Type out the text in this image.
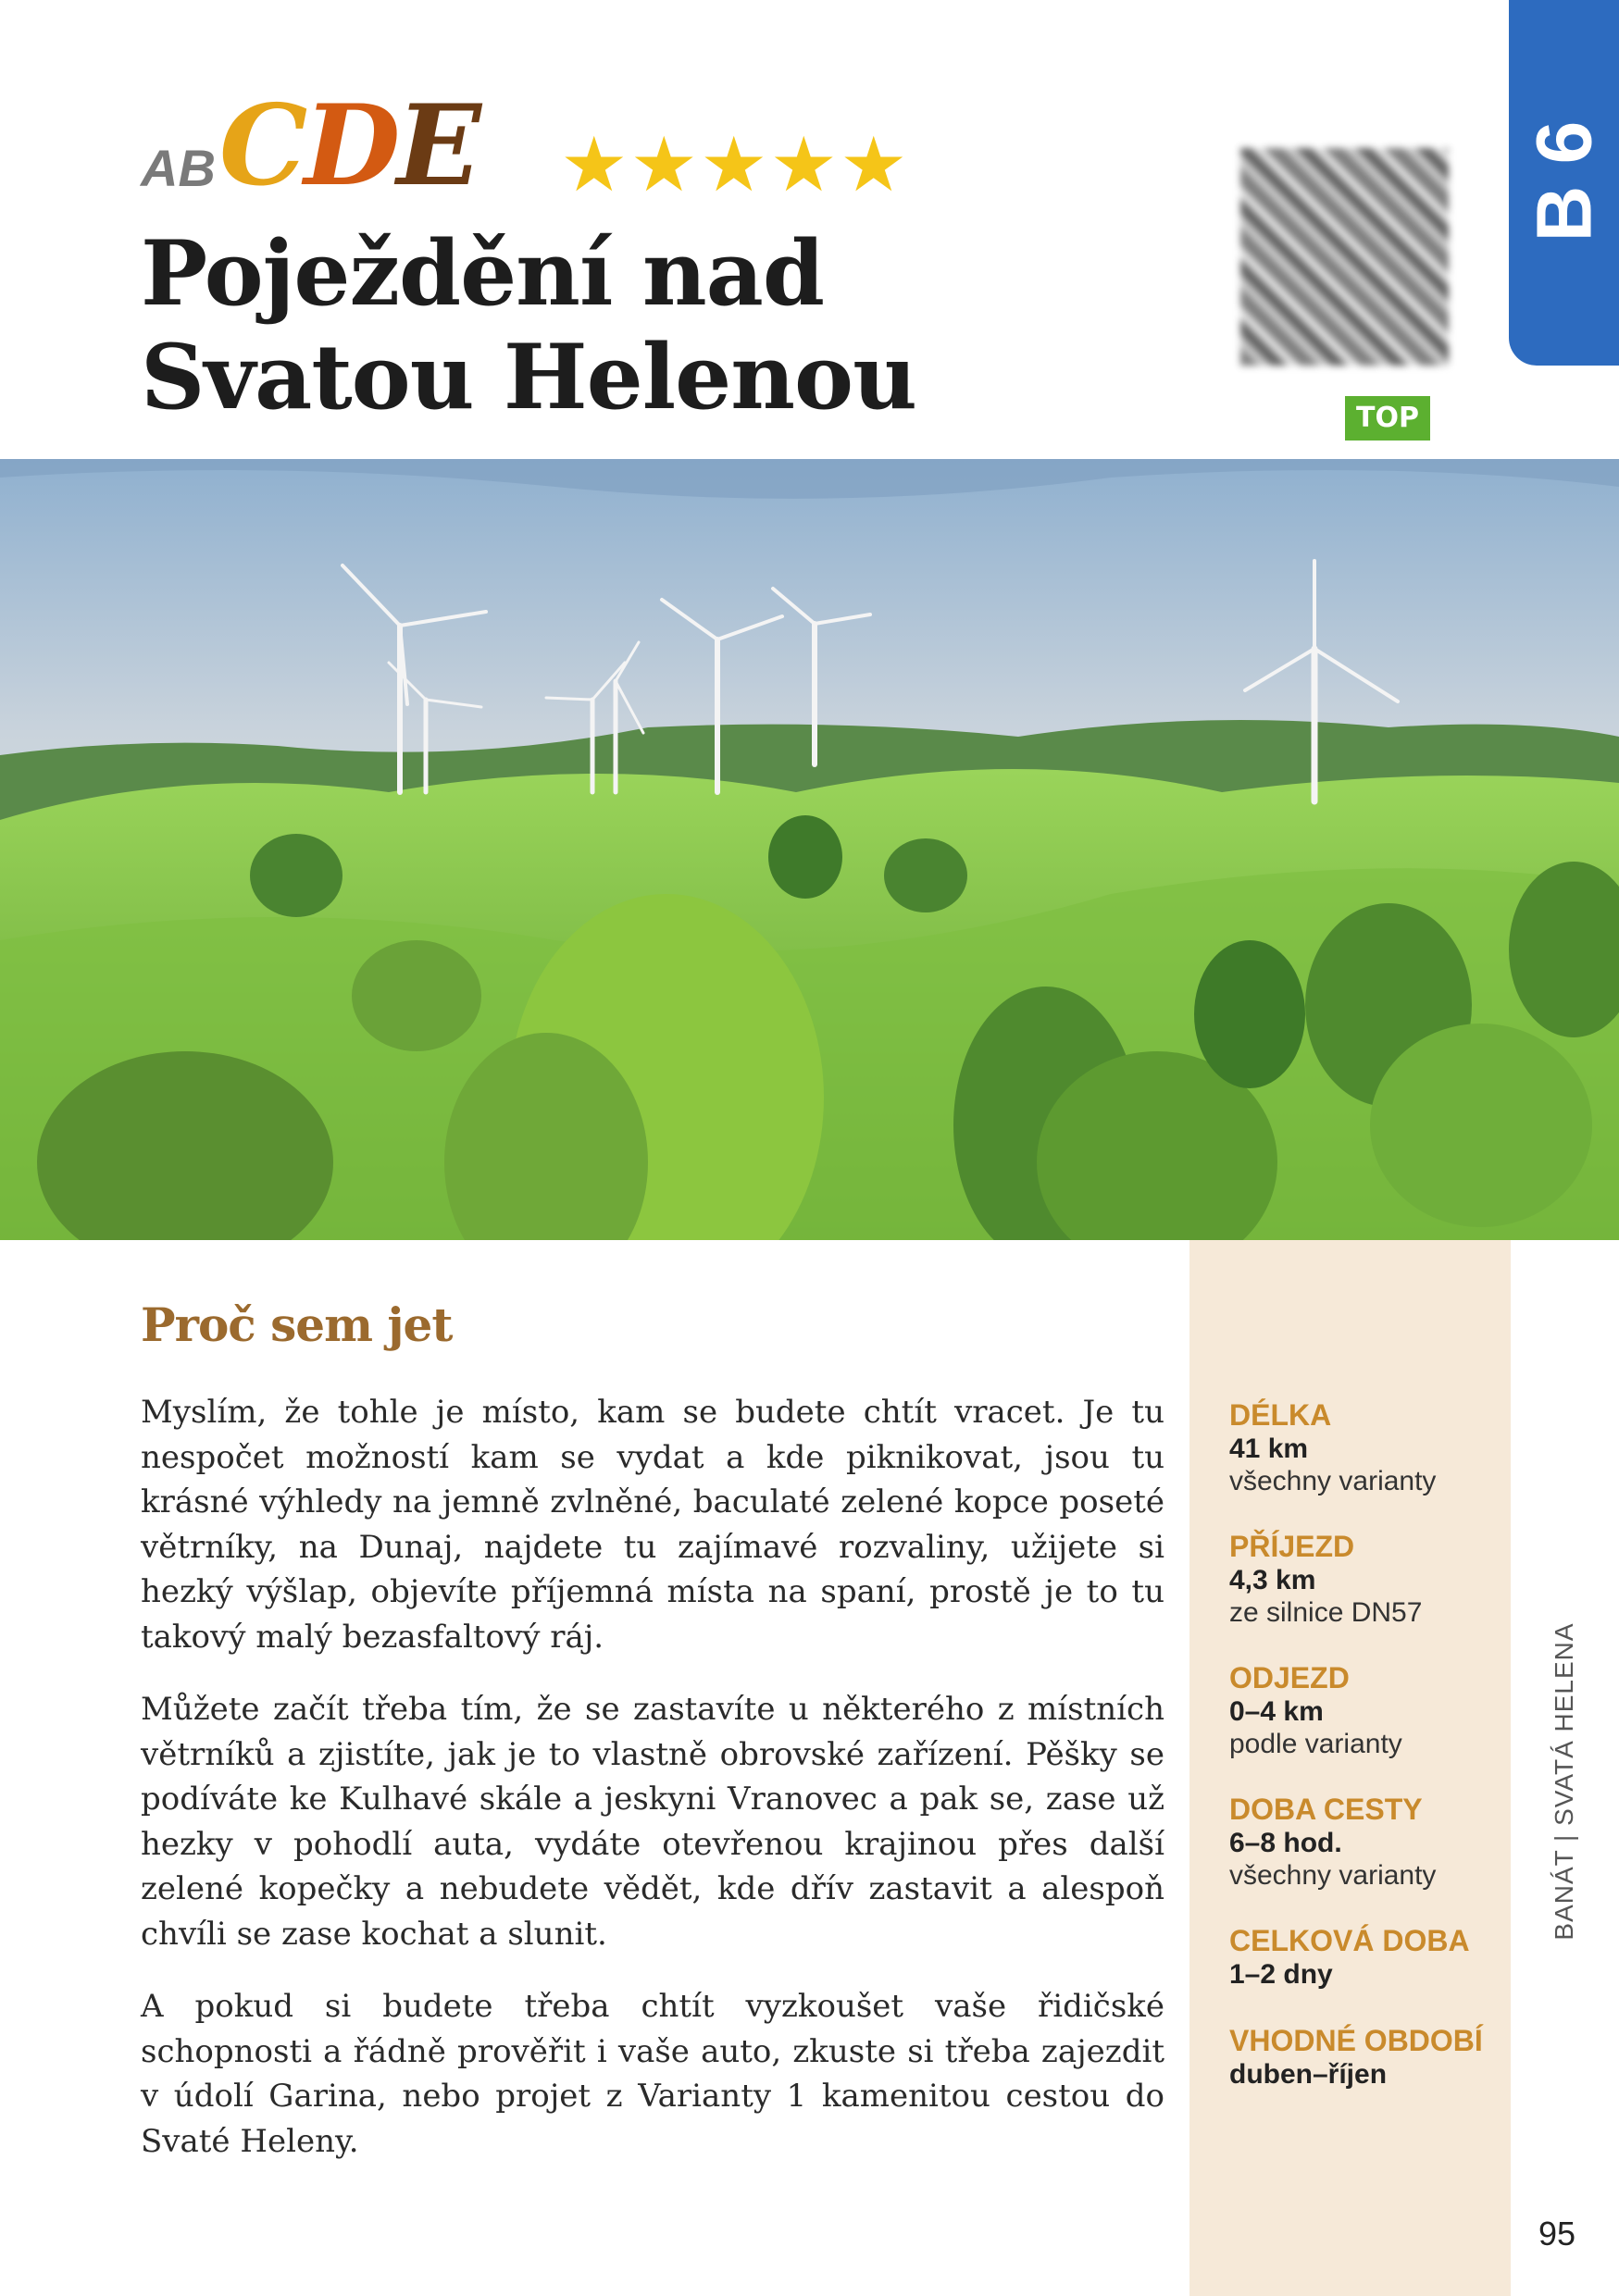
AB C D E ★★★★★
Poježdění nad
Svatou Helenou	TOP
B 6
DÉLKA
41 km
všechny varianty
PŘÍJEZD
4,3 km
ze silnice DN57
ODJEZD
0–4 km
podle varianty
DOBA CESTY
6–8 hod.
všechny varianty
CELKOVÁ DOBA
1–2 dny
VHODNÉ OBDOBÍ
duben–říjen
BANÁT | SVATÁ HELENA
95
Proč sem jet

Myslím, že tohle je místo, kam se budete chtít vracet. Je tu nespočet možností kam se vydat a kde piknikovat, jsou tu krásné výhledy na jemně zvlněné, baculaté zelené kopce poseté větrníky, na Dunaj, najdete tu zajímavé rozvaliny, užijete si hezký výšlap, objevíte příjemná místa na spaní, prostě je to tu takový malý bezasfaltový ráj.

Můžete začít třeba tím, že se zastavíte u některého z místních větrníků a zjistíte, jak je to vlastně obrovské zařízení. Pěšky se podíváte ke Kulhavé skále a jeskyni Vranovec a pak se, zase už hezky v pohodlí auta, vydáte otevřenou krajinou přes další zelené kopečky a nebudete vědět, kde dřív zastavit a alespoň chvíli se zase kochat a slunit.

A pokud si budete třeba chtít vyzkoušet vaše řidičské schopnosti a řádně prověřit i vaše auto, zkuste si třeba zajezdit v údolí Garina, nebo projet z Varianty 1 kamenitou cestou do Svaté Heleny.
